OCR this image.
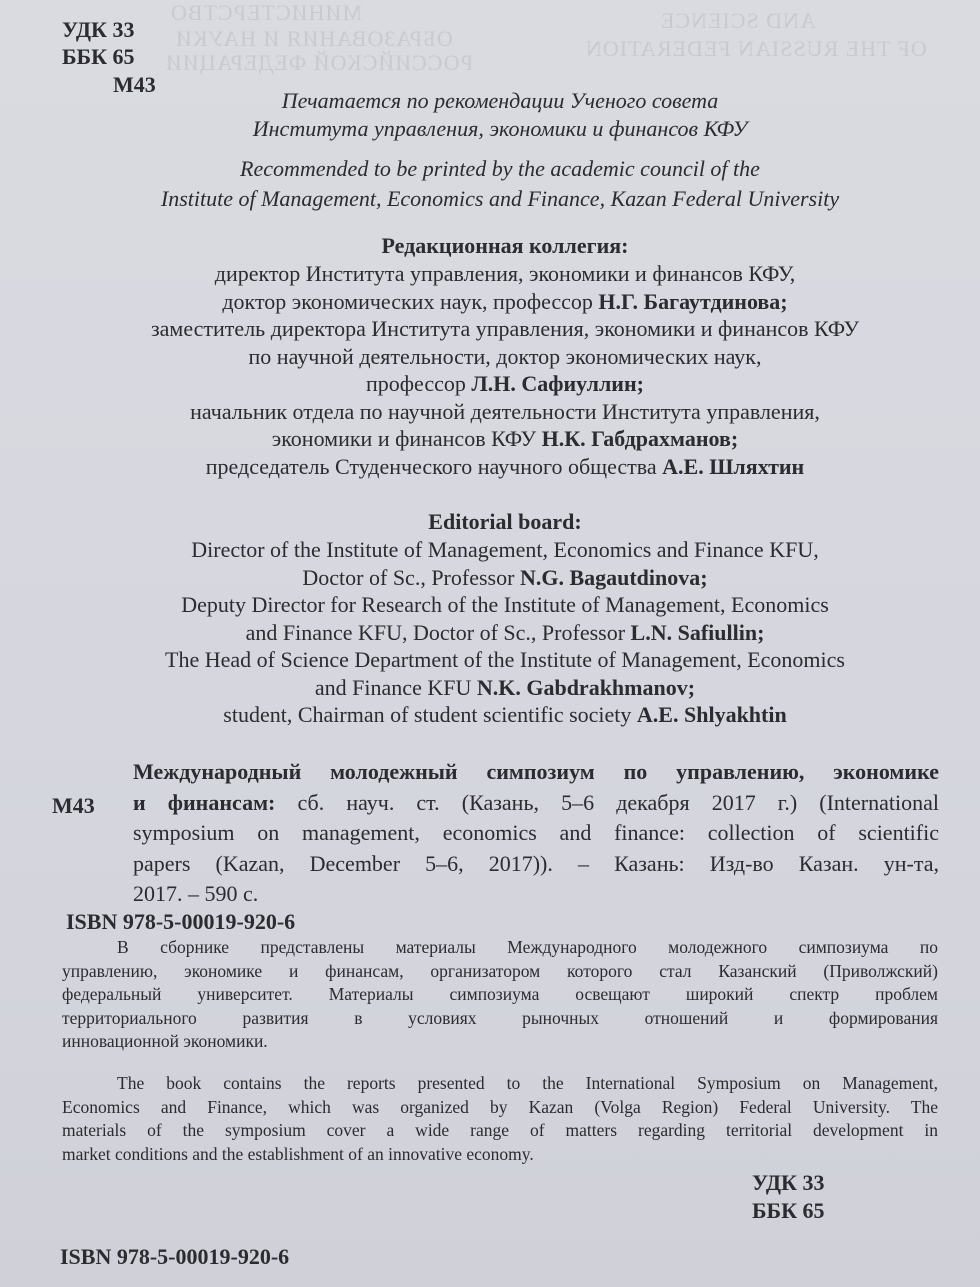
МИНИСТЕРСТВО
ОБРАЗОВАНИЯ И НАУКИ
РОССИЙСКОЙ ФЕДЕРАЦИИ
AND SCIENCE
OF THE RUSSIAN FEDERATION
УДК 33
ББК 65
М43
Печатается по рекомендации Ученого совета
Института управления, экономики и финансов КФУ
Recommended to be printed by the academic council of the
Institute of Management, Economics and Finance, Kazan Federal University
Редакционная коллегия:
директор Института управления, экономики и финансов КФУ,
доктор экономических наук, профессор Н.Г. Багаутдинова;
заместитель директора Института управления, экономики и финансов КФУ
по научной деятельности, доктор экономических наук,
профессор Л.Н. Сафиуллин;
начальник отдела по научной деятельности Института управления,
экономики и финансов КФУ Н.К. Габдрахманов;
председатель Студенческого научного общества А.Е. Шляхтин
Editorial board:
Director of the Institute of Management, Economics and Finance KFU,
Doctor of Sc., Professor N.G. Bagautdinova;
Deputy Director for Research of the Institute of Management, Economics
and Finance KFU, Doctor of Sc., Professor L.N. Safiullin;
The Head of Science Department of the Institute of Management, Economics
and Finance KFU N.K. Gabdrakhmanov;
student, Chairman of student scientific society A.E. Shlyakhtin
М43
Международный молодежный симпозиум по управлению, экономике
и финансам: сб. науч. ст. (Казань, 5–6 декабря 2017 г.) (International
symposium on management, economics and finance: collection of scientific
papers (Kazan, December 5–6, 2017)). – Казань: Изд-во Казан. ун-та,
2017. – 590 с.
ISBN 978-5-00019-920-6
В сборнике представлены материалы Международного молодежного симпозиума по
управлению, экономике и финансам, организатором которого стал Казанский (Приволжский)
федеральный университет. Материалы симпозиума освещают широкий спектр проблем
территориального развития в условиях рыночных отношений и формирования
инновационной экономики.
The book contains the reports presented to the International Symposium on Management,
Economics and Finance, which was organized by Kazan (Volga Region) Federal University. The
materials of the symposium cover a wide range of matters regarding territorial development in
market conditions and the establishment of an innovative economy.
УДК 33
ББК 65
ISBN 978-5-00019-920-6
